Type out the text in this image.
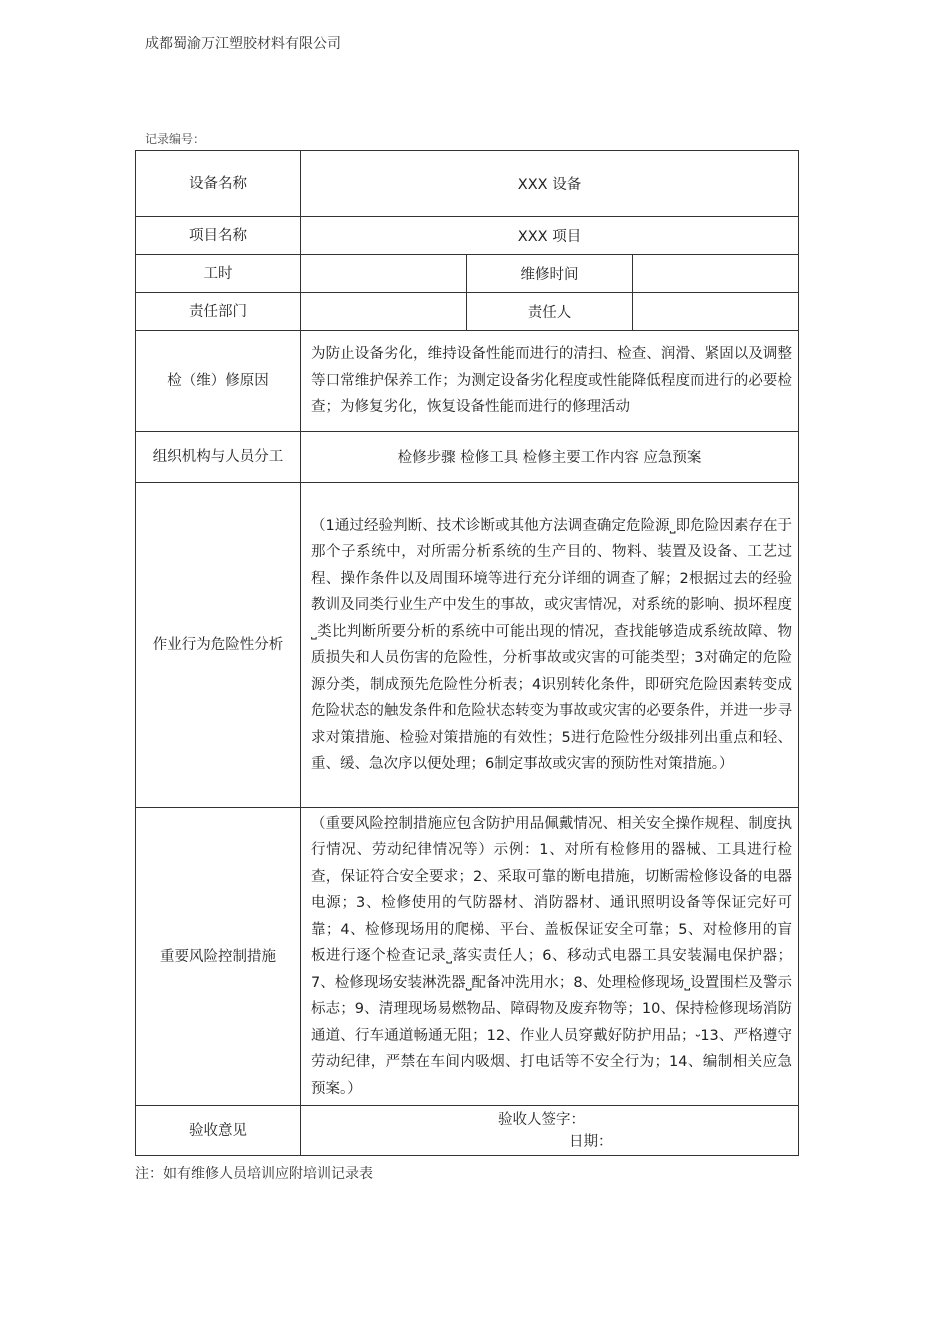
成都蜀渝万江塑胶材料有限公司
记录编号：
设备名称	XXX 设备		
项目名称	XXX 项目		
工时		维修时间	
责任部门		责任人	
检（维）修原因	为防止设备劣化，维持设备性能而进行的清扫、检查、润滑、紧固以及调整等口常维护保养工作；为测定设备劣化程度或性能降低程度而进行的必要检查；为修复劣化，恢复设备性能而进行的修理活动		
组织机构与人员分工	检修步骤 检修工具 检修主要工作内容 应急预案		
作业行为危险性分析	（1通过经验判断、技术诊断或其他方法调查确定危险源⎵即危险因素存在于那个子系统中，对所需分析系统的生产目的、物料、装置及设备、工艺过程、操作条件以及周围环境等进行充分详细的调查了解；2根据过去的经验教训及同类行业生产中发生的事故，或灾害情况，对系统的影响、损坏程度⎵类比判断所要分析的系统中可能出现的情况，查找能够造成系统故障、物质损失和人员伤害的危险性，分析事故或灾害的可能类型；3对确定的危险源分类，制成预先危险性分析表；4识别转化条件，即研究危险因素转变成危险状态的触发条件和危险状态转变为事故或灾害的必要条件，并进一步寻求对策措施、检验对策措施的有效性；5进行危险性分级排列出重点和轻、重、缓、急次序以便处理；6制定事故或灾害的预防性对策措施。）		
重要风险控制措施	（重要风险控制措施应包含防护用品佩戴情况、相关安全操作规程、制度执行情况、劳动纪律情况等）示例：1、对所有检修用的器械、工具进行检查，保证符合安全要求；2、采取可靠的断电措施，切断需检修设备的电器电源；3、检修使用的气防器材、消防器材、通讯照明设备等保证完好可靠；4、检修现场用的爬梯、平台、盖板保证安全可靠；5、对检修用的盲板进行逐个检查记录⎵落实责任人；6、移动式电器工具安装漏电保护器；7、检修现场安装淋洗器⎵配备冲洗用水；8、处理检修现场⎵设置围栏及警示标志；9、清理现场易燃物品、障碍物及废弃物等；10、保持检修现场消防通道、行车通道畅通无阻；12、作业人员穿戴好防护用品；⏑13、严格遵守劳动纪律，严禁在车间内吸烟、打电话等不安全行为；14、编制相关应急预案。）		
验收意见	验收人签字：
日期：		
注：如有维修人员培训应附培训记录表
